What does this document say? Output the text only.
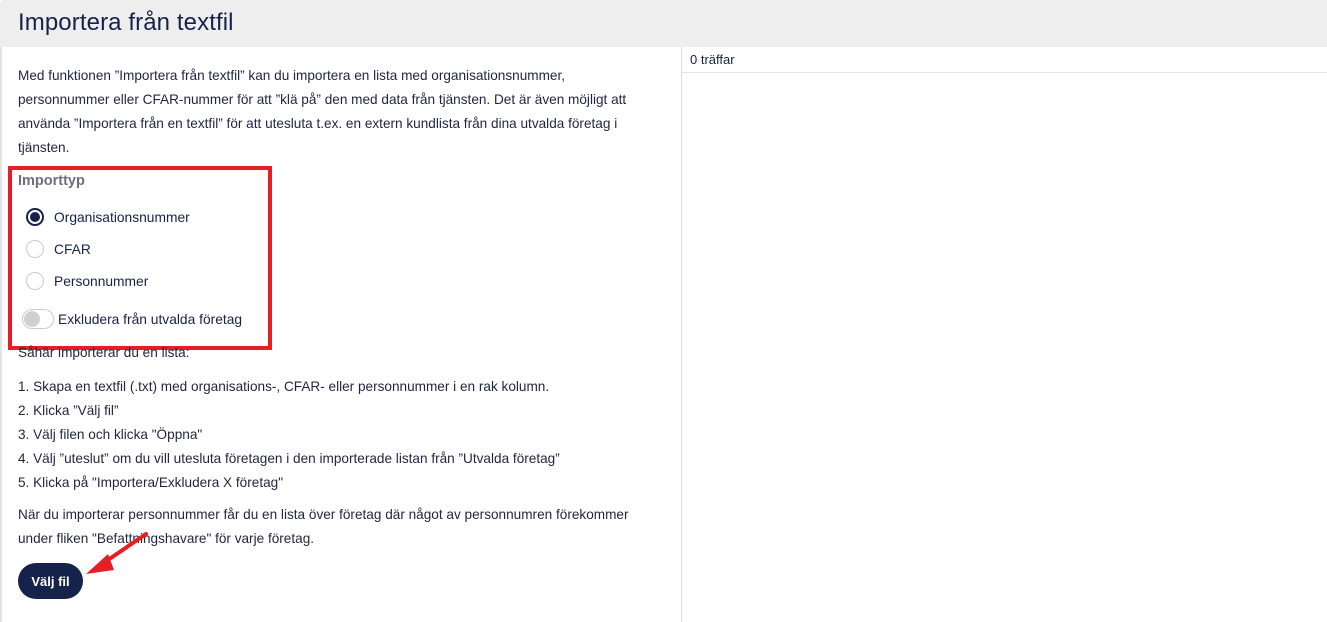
Importera från textfil
0 träffar

Med funktionen ”Importera från textfil” kan du importera en lista med organisationsnummer, personnummer eller CFAR-nummer för att ”klä på” den med data från tjänsten. Det är även möjligt att använda ”Importera från en textfil” för att utesluta t.ex. en extern kundlista från dina utvalda företag i tjänsten.

Importtyp
Organisationsnummer
CFAR
Personnummer
Exkludera från utvalda företag
Såhär importerar du en lista:
1. Skapa en textfil (.txt) med organisations-, CFAR- eller personnummer i en rak kolumn.
2. Klicka ”Välj fil”
3. Välj filen och klicka "Öppna"
4. Välj ”uteslut” om du vill utesluta företagen i den importerade listan från ”Utvalda företag”
5. Klicka på "Importera/Exkludera X företag"

När du importerar personnummer får du en lista över företag där något av personnumren förekommer under fliken "Befattningshavare" för varje företag.

Välj fil
